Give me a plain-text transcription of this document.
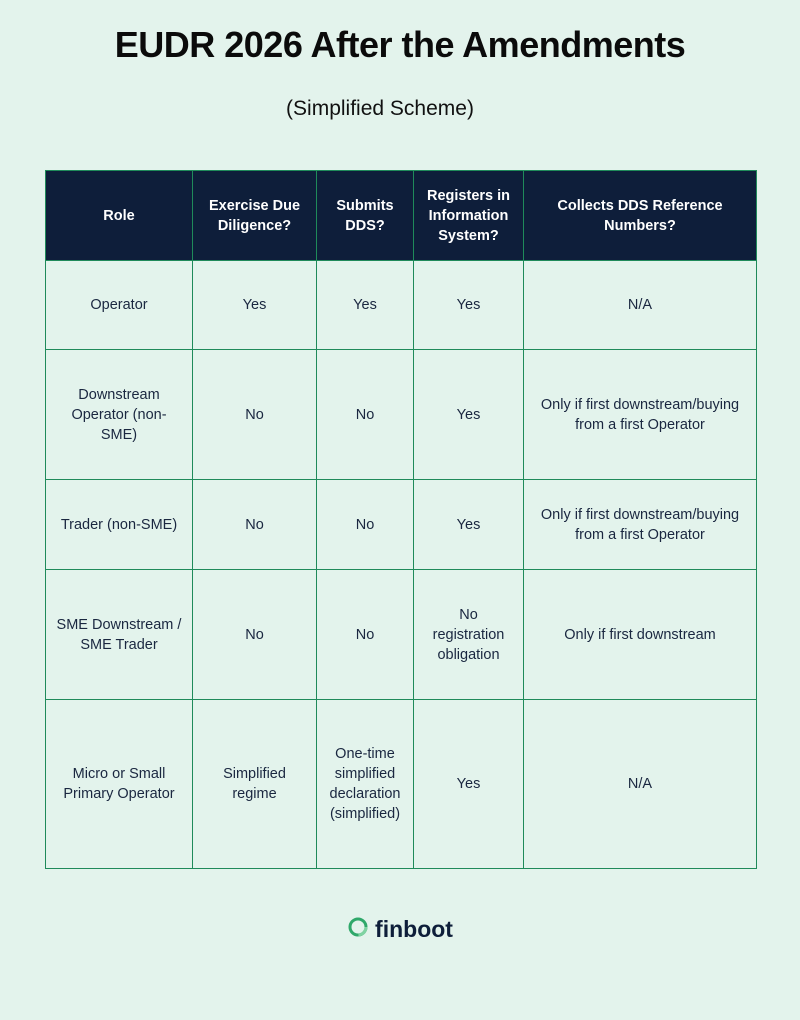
EUDR 2026 After the Amendments
(Simplified Scheme)
Role	Exercise Due Diligence?	Submits DDS?	Registers in Information System?	Collects DDS Reference Numbers?
Operator	Yes	Yes	Yes	N/A
Downstream Operator (non-SME)	No	No	Yes	Only if first downstream/buying from a first Operator
Trader (non-SME)	No	No	Yes	Only if first downstream/buying from a first Operator
SME Downstream / SME Trader	No	No	No registration obligation	Only if first downstream
Micro or Small Primary Operator	Simplified regime	One-time simplified declaration (simplified)	Yes	N/A
finboot
